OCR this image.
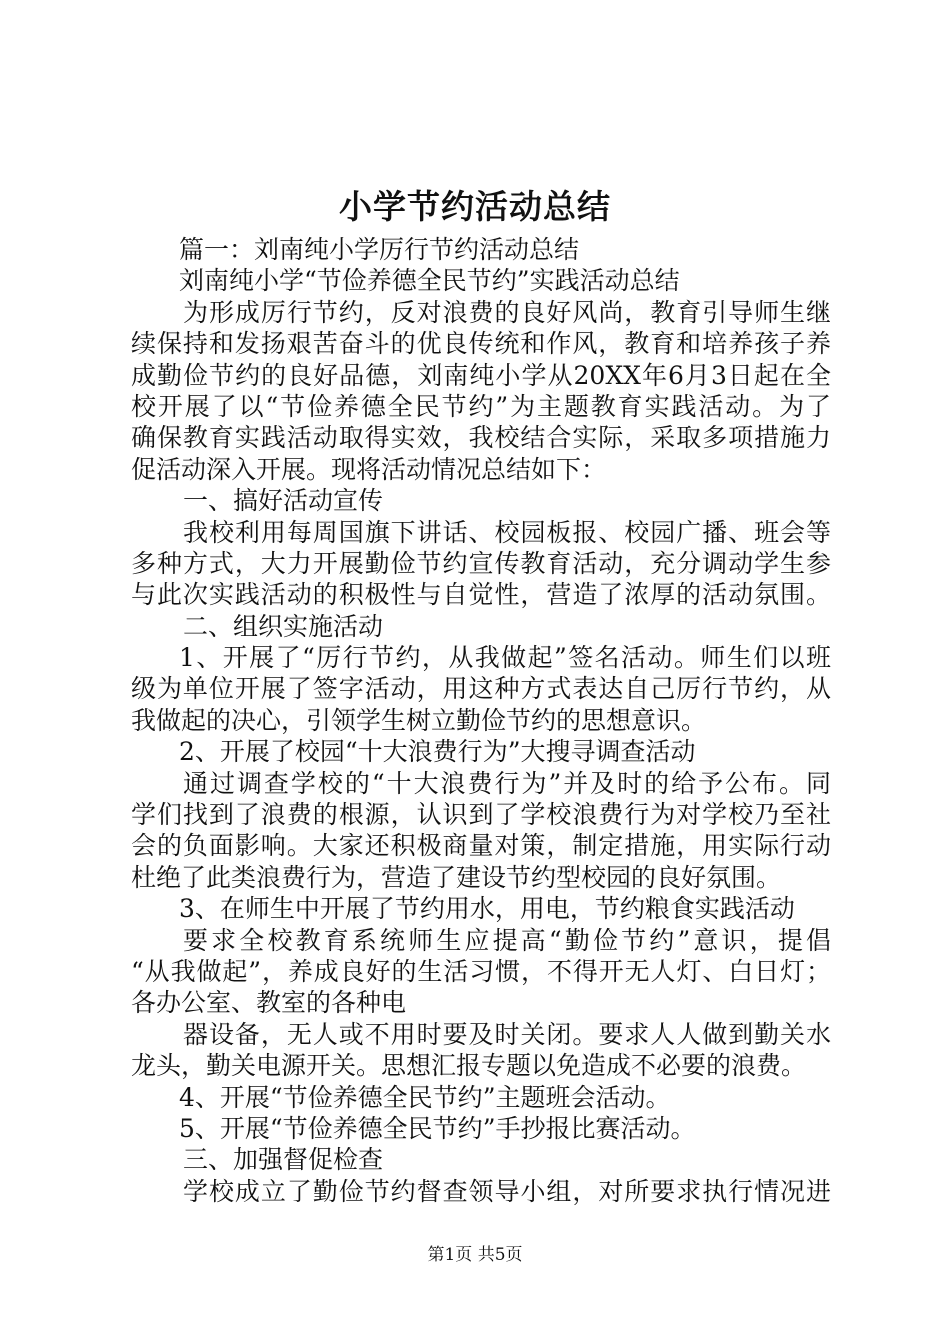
小学节约活动总结
篇一：刘南纯小学厉行节约活动总结
刘南纯小学“节俭养德全民节约”实践活动总结
为形成厉行节约，反对浪费的良好风尚，教育引导师生继
续保持和发扬艰苦奋斗的优良传统和作风，教育和培养孩子养
成勤俭节约的良好品德，刘南纯小学从20XX年6月3日起在全
校开展了以“节俭养德全民节约”为主题教育实践活动。为了
确保教育实践活动取得实效，我校结合实际，采取多项措施力
促活动深入开展。现将活动情况总结如下：
一、搞好活动宣传
我校利用每周国旗下讲话、校园板报、校园广播、班会等
多种方式，大力开展勤俭节约宣传教育活动，充分调动学生参
与此次实践活动的积极性与自觉性，营造了浓厚的活动氛围。
二、组织实施活动
1、开展了“厉行节约，从我做起”签名活动。师生们以班
级为单位开展了签字活动，用这种方式表达自己厉行节约，从
我做起的决心，引领学生树立勤俭节约的思想意识。
2、开展了校园“十大浪费行为”大搜寻调查活动
通过调查学校的“十大浪费行为”并及时的给予公布。同
学们找到了浪费的根源，认识到了学校浪费行为对学校乃至社
会的负面影响。大家还积极商量对策，制定措施，用实际行动
杜绝了此类浪费行为，营造了建设节约型校园的良好氛围。
3、在师生中开展了节约用水，用电，节约粮食实践活动
要求全校教育系统师生应提高“勤俭节约”意识，提倡
“从我做起”，养成良好的生活习惯，不得开无人灯、白日灯；
各办公室、教室的各种电
器设备，无人或不用时要及时关闭。要求人人做到勤关水
龙头，勤关电源开关。思想汇报专题以免造成不必要的浪费。
4、开展“节俭养德全民节约”主题班会活动。
5、开展“节俭养德全民节约”手抄报比赛活动。
三、加强督促检查
学校成立了勤俭节约督查领导小组，对所要求执行情况进
第1页 共5页
